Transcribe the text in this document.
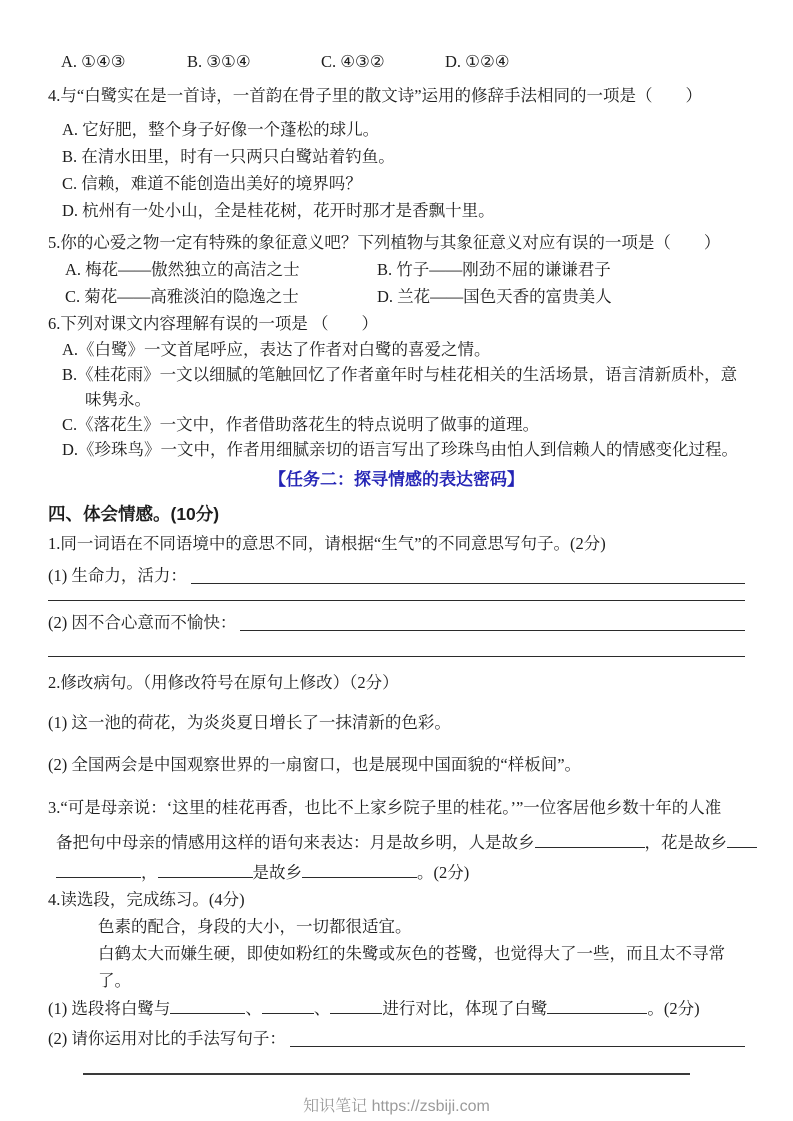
A. ①④③	B. ③①④	C. ④③②	D. ①②④
4.与“白鹭实在是一首诗，一首韵在骨子里的散文诗”运用的修辞手法相同的一项是（　　）
A. 它好肥，整个身子好像一个蓬松的球儿。
B. 在清水田里，时有一只两只白鹭站着钓鱼。
C. 信赖，难道不能创造出美好的境界吗？
D. 杭州有一处小山，全是桂花树，花开时那才是香飘十里。
5.你的心爱之物一定有特殊的象征意义吧？下列植物与其象征意义对应有误的一项是（　　）
A. 梅花——傲然独立的高洁之士	B. 竹子——刚劲不屈的谦谦君子
C. 菊花——高雅淡泊的隐逸之士	D. 兰花——国色天香的富贵美人
6.下列对课文内容理解有误的一项是 （　　）
A.《白鹭》一文首尾呼应，表达了作者对白鹭的喜爱之情。
B.《桂花雨》一文以细腻的笔触回忆了作者童年时与桂花相关的生活场景，语言清新质朴，意味隽永。
C.《落花生》一文中，作者借助落花生的特点说明了做事的道理。
D.《珍珠鸟》一文中，作者用细腻亲切的语言写出了珍珠鸟由怕人到信赖人的情感变化过程。
【任务二：探寻情感的表达密码】
四、体会情感。(10分)
1.同一词语在不同语境中的意思不同，请根据“生气”的不同意思写句子。(2分)
(1) 生命力，活力：
(2) 因不合心意而不愉快：
2.修改病句。（用修改符号在原句上修改）（2分）
(1) 这一池的荷花，为炎炎夏日增长了一抹清新的色彩。
(2) 全国两会是中国观察世界的一扇窗口，也是展现中国面貌的“样板间”。
3.“可是母亲说：‘这里的桂花再香，也比不上家乡院子里的桂花。’”一位客居他乡数十年的人准
备把句中母亲的情感用这样的语句来表达：月是故乡明，人是故乡	，花是故乡
，	是故乡	。(2分)
4.读选段，完成练习。(4分)
色素的配合，身段的大小，一切都很适宜。
白鹤太大而嫌生硬，即使如粉红的朱鹭或灰色的苍鹭，也觉得大了一些，而且太不寻常了。
(1) 选段将白鹭与	、	、	进行对比，体现了白鹭	。(2分)
(2) 请你运用对比的手法写句子：
知识笔记 https://zsbiji.com
